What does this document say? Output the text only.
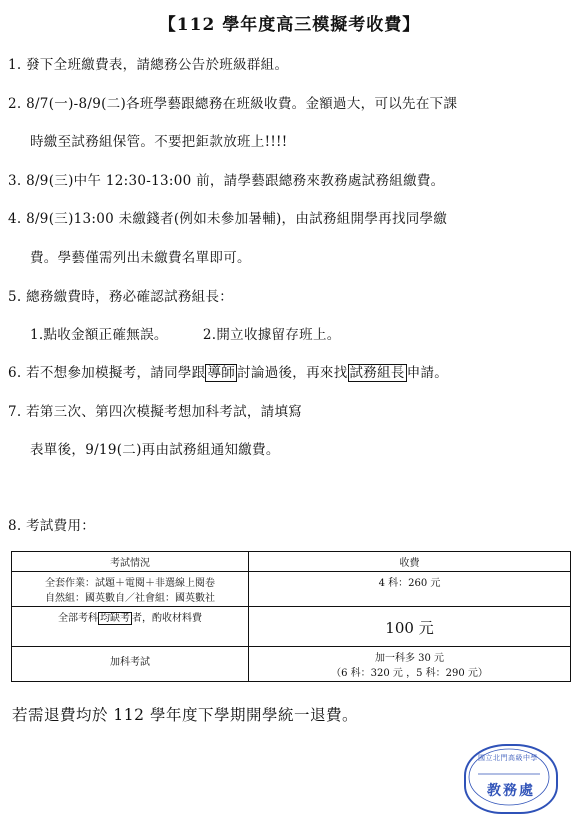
【112 學年度高三模擬考收費】
1. 發下全班繳費表，請總務公告於班級群組。
2. 8/7(一)-8/9(二)各班學藝跟總務在班級收費。金額過大，可以先在下課
時繳至試務組保管。不要把鉅款放班上!!!!
3. 8/9(三)中午 12:30-13:00 前，請學藝跟總務來教務處試務組繳費。
4. 8/9(三)13:00 未繳錢者(例如未參加暑輔)，由試務組開學再找同學繳
費。學藝僅需列出未繳費名單即可。
5. 總務繳費時，務必確認試務組長：
1.點收金額正確無誤。	2.開立收據留存班上。
6. 若不想參加模擬考，請同學跟 導師 討論過後，再來找 試務組長 申請。
7. 若第三次、第四次模擬考想加科考試，請填寫
表單後，9/19(二)再由試務組通知繳費。
8. 考試費用：
考試情況	收費

全套作業：試題＋電閱＋非選線上閱卷
自然組：國英數自／社會組：國英數社	4 科：260 元
全部考科 均缺考 者，酌收材料費	100 元
加科考試	加一科多 30 元
（6 科：320 元 ，5 科：290 元）
若需退費均於 112 學年度下學期開學統一退費。
國立北門高級中學
教務處
